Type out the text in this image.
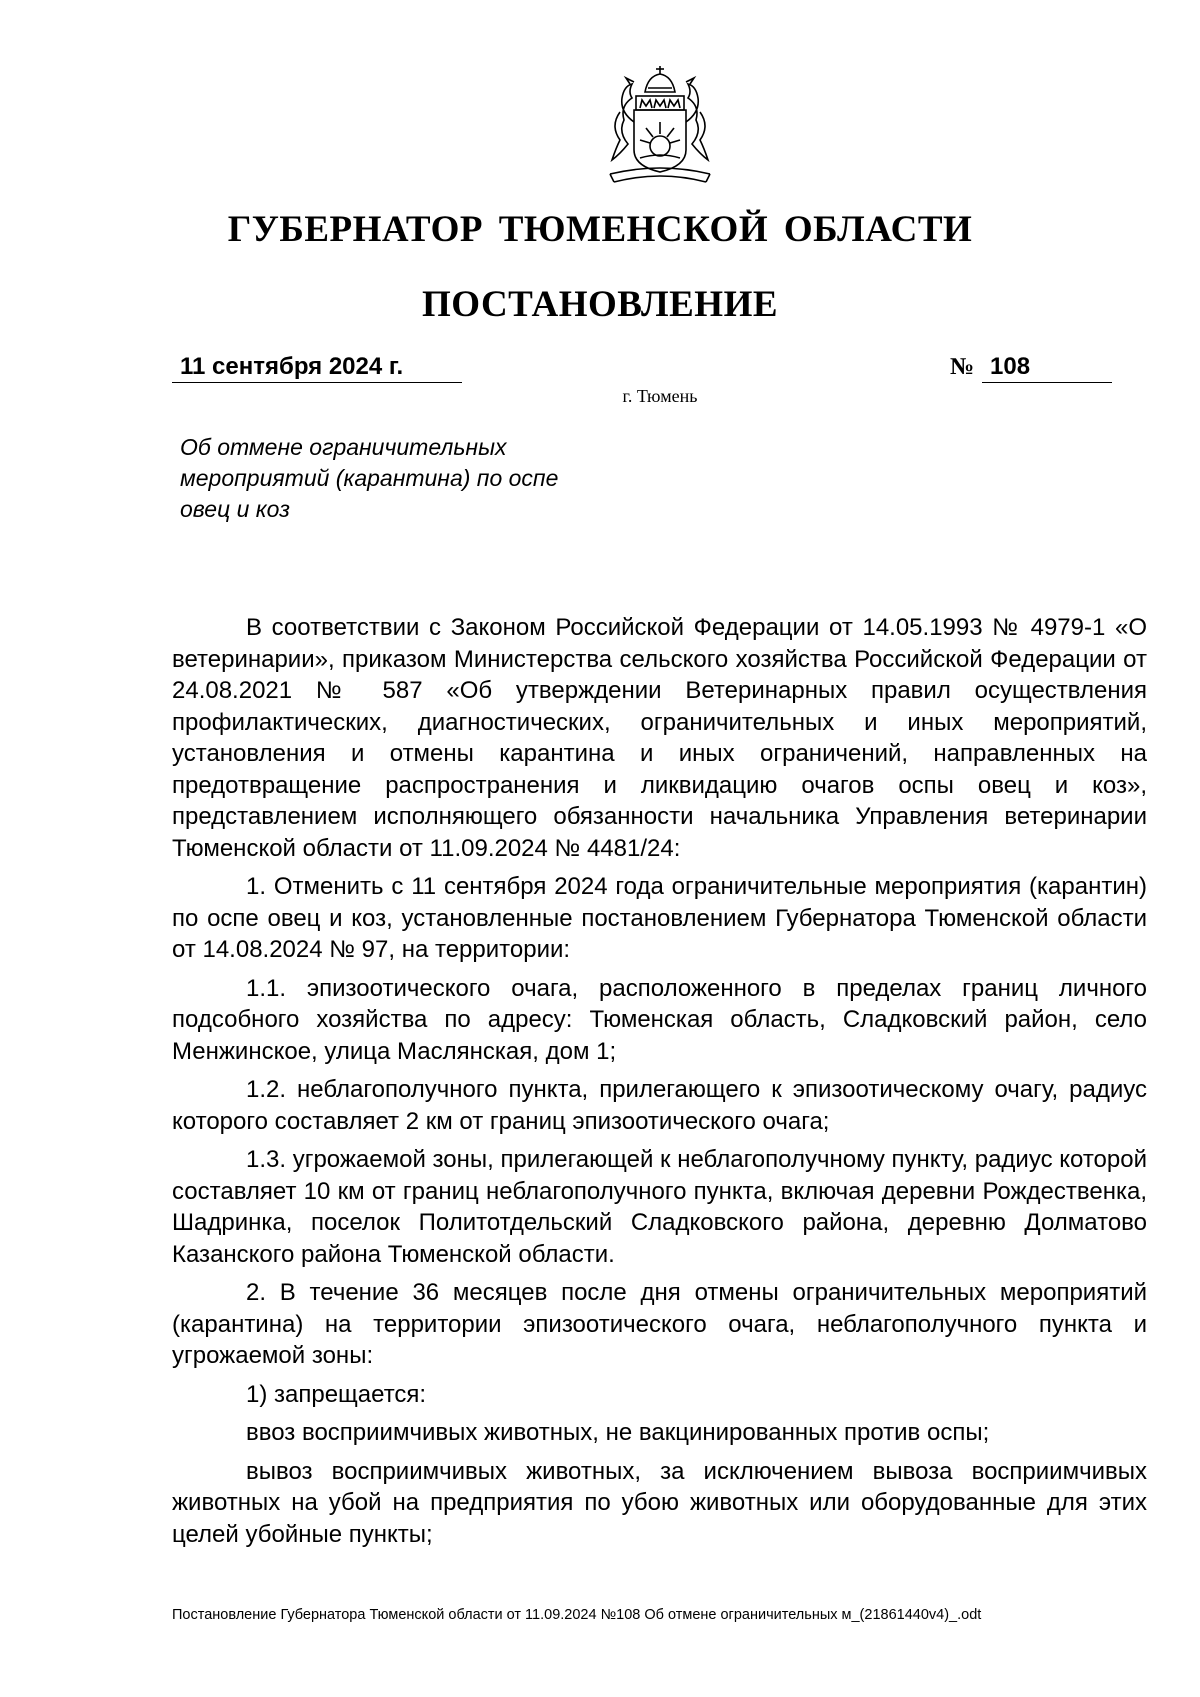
ГУБЕРНАТОР ТЮМЕНСКОЙ ОБЛАСТИ
ПОСТАНОВЛЕНИЕ
11 сентября 2024 г.	№ 108
г. Тюмень
Об отмене ограничительных
мероприятий (карантина) по оспе
овец и коз

В соответствии с Законом Российской Федерации от 14.05.1993 № 4979-1 «О ветеринарии», приказом Министерства сельского хозяйства Российской Федерации от 24.08.2021 № 587 «Об утверждении Ветеринарных правил осуществления профилактических, диагностических, ограничительных и иных мероприятий, установления и отмены карантина и иных ограничений, направленных на предотвращение распространения и ликвидацию очагов оспы овец и коз», представлением исполняющего обязанности начальника Управления ветеринарии Тюменской области от 11.09.2024 № 4481/24:

1. Отменить с 11 сентября 2024 года ограничительные мероприятия (карантин) по оспе овец и коз, установленные постановлением Губернатора Тюменской области от 14.08.2024 № 97, на территории:

1.1. эпизоотического очага, расположенного в пределах границ личного подсобного хозяйства по адресу: Тюменская область, Сладковский район, село Менжинское, улица Маслянская, дом 1;

1.2. неблагополучного пункта, прилегающего к эпизоотическому очагу, радиус которого составляет 2 км от границ эпизоотического очага;

1.3. угрожаемой зоны, прилегающей к неблагополучному пункту, радиус которой составляет 10 км от границ неблагополучного пункта, включая деревни Рождественка, Шадринка, поселок Политотдельский Сладковского района, деревню Долматово Казанского района Тюменской области.

2. В течение 36 месяцев после дня отмены ограничительных мероприятий (карантина) на территории эпизоотического очага, неблагополучного пункта и угрожаемой зоны:

1) запрещается:

ввоз восприимчивых животных, не вакцинированных против оспы;

вывоз восприимчивых животных, за исключением вывоза восприимчивых животных на убой на предприятия по убою животных или оборудованные для этих целей убойные пункты;

Постановление Губернатора Тюменской области от 11.09.2024 №108 Об отмене ограничительных м_(21861440v4)_.odt
